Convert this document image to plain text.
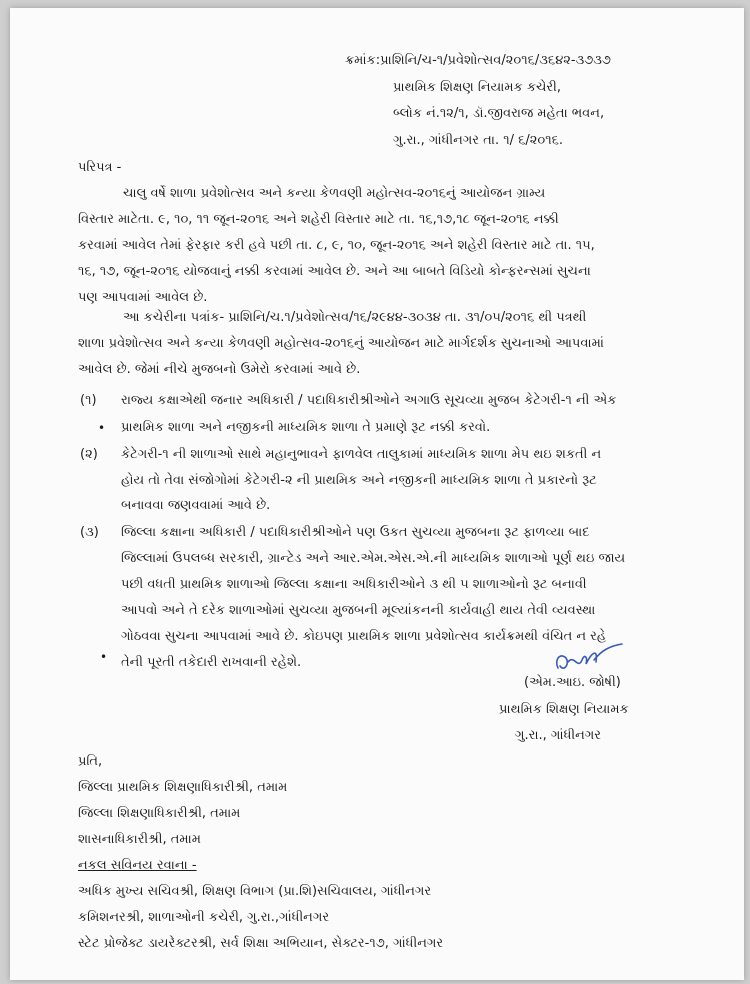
ક્રમાંક:પ્રાશિનિ/ચ-૧/પ્રવેશોત્સવ/૨૦૧૬/૩૬૪૨-૩૭૩૭
પ્રાથમિક શિક્ષણ નિયામક કચેરી,
બ્લોક નં.૧૨/૧, ડૉ.જીવરાજ મહેતા ભવન,
ગુ.રા., ગાંધીનગર તા. ૧/ ૬/૨૦૧૬.
પરિપત્ર -
ચાલુ વર્ષે શાળા પ્રવેશોત્સવ અને કન્યા કેળવણી મહોત્સવ-૨૦૧૬નું આયોજન ગ્રામ્ય
વિસ્તાર માટેતા. ૯, ૧૦, ૧૧ જૂન-૨૦૧૬ અને શહેરી વિસ્તાર માટે તા. ૧૬,૧૭,૧૮ જૂન-૨૦૧૬ નક્કી
કરવામાં આવેલ તેમાં ફેરફાર કરી હવે પછી તા. ૮, ૯, ૧૦, જૂન-૨૦૧૬ અને શહેરી વિસ્તાર માટે તા. ૧૫,
૧૬, ૧૭, જૂન-૨૦૧૬ યોજવાનું નક્કી કરવામાં આવેલ છે. અને આ બાબતે વિડિયો કોન્ફરન્સમાં સુચના
પણ આપવામાં આવેલ છે.
આ કચેરીના પત્રાંક- પ્રાશિનિ/ચ.૧/પ્રવેશોત્સવ/૧૬/૨૯૪૪-૩૦૩૪ તા. ૩૧/૦૫/૨૦૧૬ થી પત્રથી
શાળા પ્રવેશોત્સવ અને કન્યા કેળવણી મહોત્સવ-૨૦૧૬નું આયોજન માટે માર્ગદર્શક સુચનાઓ આપવામાં
આવેલ છે. જેમાં નીચે મુજબનો ઉમેરો કરવામાં આવે છે.
(૧) રાજ્ય કક્ષાએથી જનાર અધિકારી / પદાધિકારીશ્રીઓને અગાઉ સૂચવ્યા મુજબ કેટેગરી-૧ ની એક
• પ્રાથમિક શાળા અને નજીકની માધ્યમિક શાળા તે પ્રમાણે રૂટ નક્કી કરવો.
(૨) કેટેગરી-૧ ની શાળાઓ સાથે મહાનુભાવને ફાળવેલ તાલુકામાં માધ્યમિક શાળા મેપ થઇ શકતી ન
હોય તો તેવા સંજોગોમાં કેટેગરી-૨ ની પ્રાથમિક અને નજીકની માધ્યમિક શાળા તે પ્રકારનો રૂટ
બનાવવા જણવવામાં આવે છે.
(૩) જિલ્લા કક્ષાના અધિકારી / પદાધિકારીશ્રીઓને પણ ઉકત સુચવ્યા મુજબના રૂટ ફાળવ્યા બાદ
જિલ્લામાં ઉપલબ્ધ સરકારી, ગ્રાન્ટેડ અને આર.એમ.એસ.એ.ની માધ્યમિક શાળાઓ પૂર્ણ થઇ જાય
પછી વધતી પ્રાથમિક શાળાઓ જિલ્લા કક્ષાના અધિકારીઓને ૩ થી ૫ શાળાઓનો રૂટ બનાવી
આપવો અને તે દરેક શાળાઓમાં સુચવ્યા મુજબની મૂલ્યાંકનની કાર્યવાહી થાય તેવી વ્યવસ્થા
ગોઠવવા સુચના આપવામાં આવે છે. કોઇપણ પ્રાથમિક શાળા પ્રવેશોત્સવ કાર્યક્રમથી વંચિત ન રહે
• તેની પૂરતી તકેદારી રાખવાની રહેશે.
(એમ.આઇ. જોષી)
પ્રાથમિક શિક્ષણ નિયામક
ગુ.રા., ગાંધીનગર
પ્રતિ,
જિલ્લા પ્રાથમિક શિક્ષણાધિકારીશ્રી, તમામ
જિલ્લા શિક્ષણાધિકારીશ્રી, તમામ
શાસનાધિકારીશ્રી, તમામ
નકલ સવિનય રવાના -
અધિક મુખ્ય સચિવશ્રી, શિક્ષણ વિભાગ (પ્રા.શિ)સચિવાલય, ગાંધીનગર
કમિશનરશ્રી, શાળાઓની કચેરી, ગુ.રા.,ગાંધીનગર
સ્ટેટ પ્રોજેક્ટ ડાયરેક્ટરશ્રી, સર્વ શિક્ષા અભિયાન, સેક્ટર-૧૭, ગાંધીનગર
